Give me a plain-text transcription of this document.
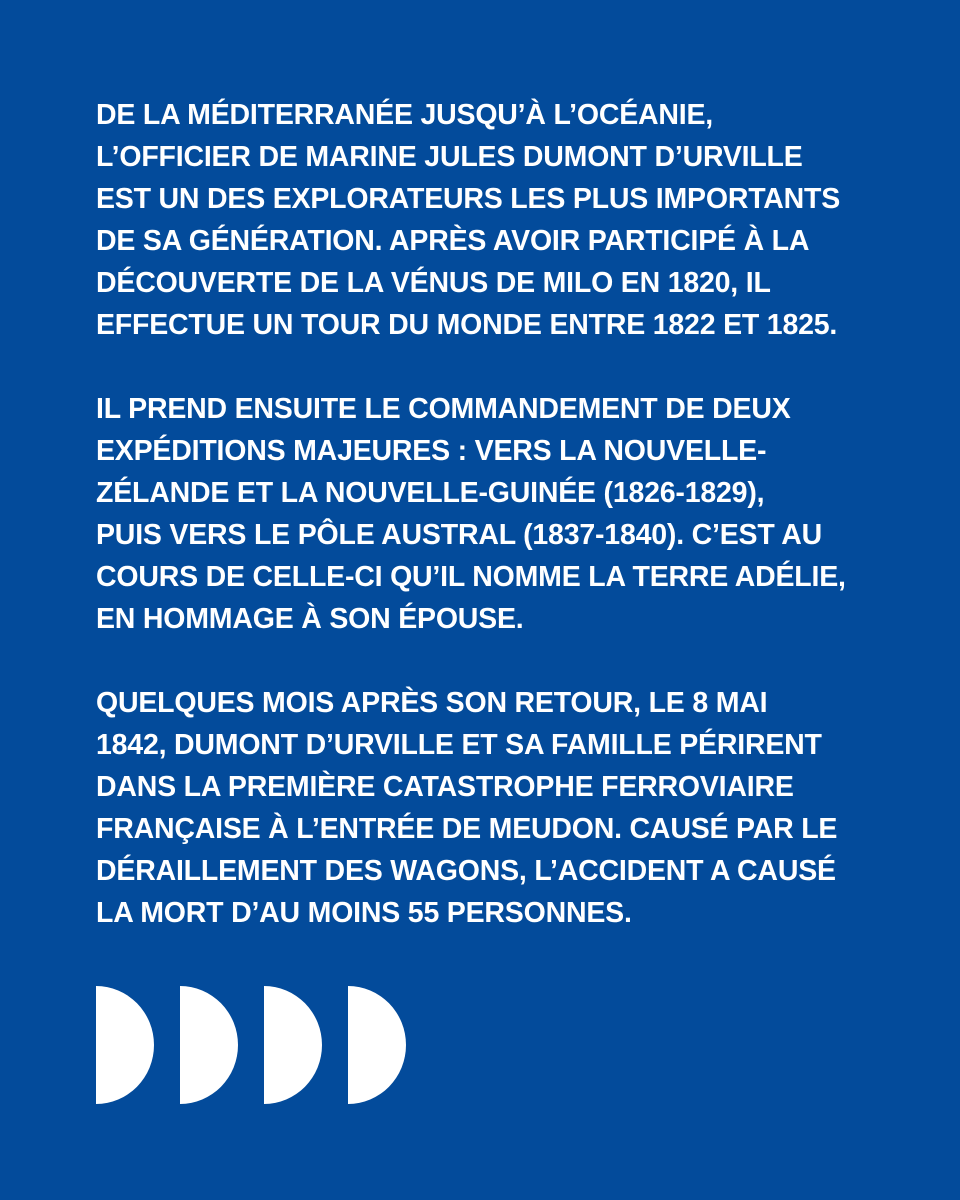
DE LA MÉDITERRANÉE JUSQU’À L’OCÉANIE,
L’OFFICIER DE MARINE JULES DUMONT D’URVILLE
EST UN DES EXPLORATEURS LES PLUS IMPORTANTS
DE SA GÉNÉRATION. APRÈS AVOIR PARTICIPÉ À LA
DÉCOUVERTE DE LA VÉNUS DE MILO EN 1820, IL
EFFECTUE UN TOUR DU MONDE ENTRE 1822 ET 1825.

IL PREND ENSUITE LE COMMANDEMENT DE DEUX
EXPÉDITIONS MAJEURES : VERS LA NOUVELLE-
ZÉLANDE ET LA NOUVELLE-GUINÉE (1826-1829),
PUIS VERS LE PÔLE AUSTRAL (1837-1840). C’EST AU
COURS DE CELLE-CI QU’IL NOMME LA TERRE ADÉLIE,
EN HOMMAGE À SON ÉPOUSE.

QUELQUES MOIS APRÈS SON RETOUR, LE 8 MAI
1842, DUMONT D’URVILLE ET SA FAMILLE PÉRIRENT
DANS LA PREMIÈRE CATASTROPHE FERROVIAIRE
FRANÇAISE À L’ENTRÉE DE MEUDON. CAUSÉ PAR LE
DÉRAILLEMENT DES WAGONS, L’ACCIDENT A CAUSÉ
LA MORT D’AU MOINS 55 PERSONNES.
